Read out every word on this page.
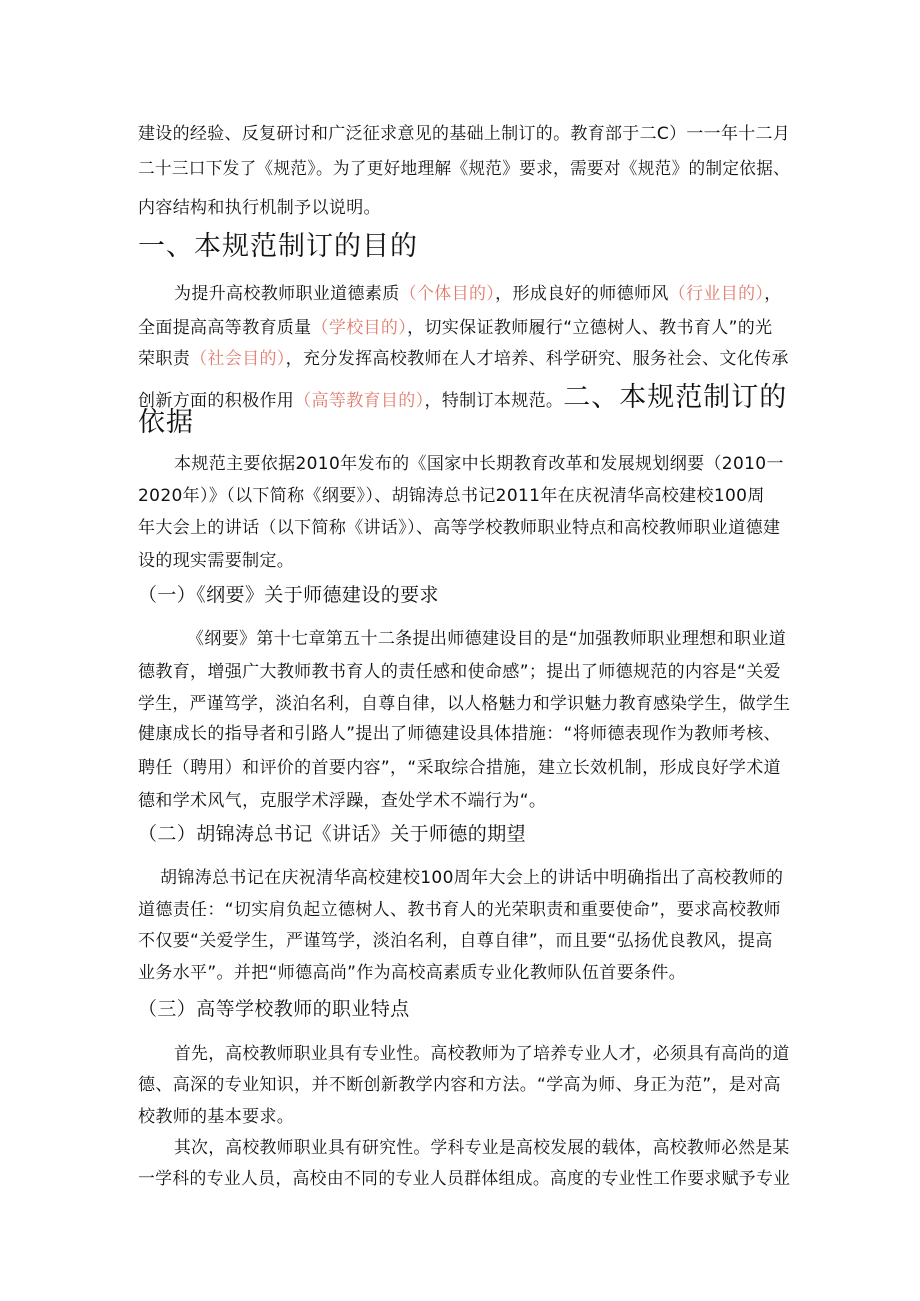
建设的经验、反复研讨和广泛征求意见的基础上制订的。教育部于二C）一一年十二月
二十三口下发了《规范》。为了更好地理解《规范》要求，需要对《规范》的制定依据、
内容结构和执行机制予以说明。
一、本规范制订的目的
为提升高校教师职业道德素质（个体目的），形成良好的师德师风（行业目的），
全面提高高等教育质量（学校目的），切实保证教师履行“立德树人、教书育人”的光
荣职责（社会目的），充分发挥高校教师在人才培养、科学研究、服务社会、文化传承
创新方面的积极作用（高等教育目的），特制订本规范。二、本规范制订的
依据
本规范主要依据2010年发布的《国家中长期教育改革和发展规划纲要（2010一
2020年）》（以下简称《纲要》）、胡锦涛总书记2011年在庆祝清华高校建校100周
年大会上的讲话（以下简称《讲话》）、高等学校教师职业特点和高校教师职业道德建
设的现实需要制定。
（一）《纲要》关于师德建设的要求
《纲要》第十七章第五十二条提出师德建设目的是“加强教师职业理想和职业道
德教育，增强广大教师教书育人的责任感和使命感”；提出了师德规范的内容是“关爱
学生，严谨笃学，淡泊名利，自尊自律，以人格魅力和学识魅力教育感染学生，做学生
健康成长的指导者和引路人”提出了师德建设具体措施：“将师德表现作为教师考核、
聘任（聘用）和评价的首要内容”，“采取综合措施，建立长效机制，形成良好学术道
德和学术风气，克服学术浮躁，查处学术不端行为“。
（二）胡锦涛总书记《讲话》关于师德的期望
胡锦涛总书记在庆祝清华高校建校100周年大会上的讲话中明确指出了高校教师的
道德责任：“切实肩负起立德树人、教书育人的光荣职责和重要使命”，要求高校教师
不仅要“关爱学生，严谨笃学，淡泊名利，自尊自律”，而且要“弘扬优良教风，提高
业务水平”。并把“师德高尚”作为高校高素质专业化教师队伍首要条件。
（三）高等学校教师的职业特点
首先，高校教师职业具有专业性。高校教师为了培养专业人才，必须具有高尚的道
德、高深的专业知识，并不断创新教学内容和方法。“学高为师、身正为范”，是对高
校教师的基本要求。
其次，高校教师职业具有研究性。学科专业是高校发展的载体，高校教师必然是某
一学科的专业人员，高校由不同的专业人员群体组成。高度的专业性工作要求赋予专业
